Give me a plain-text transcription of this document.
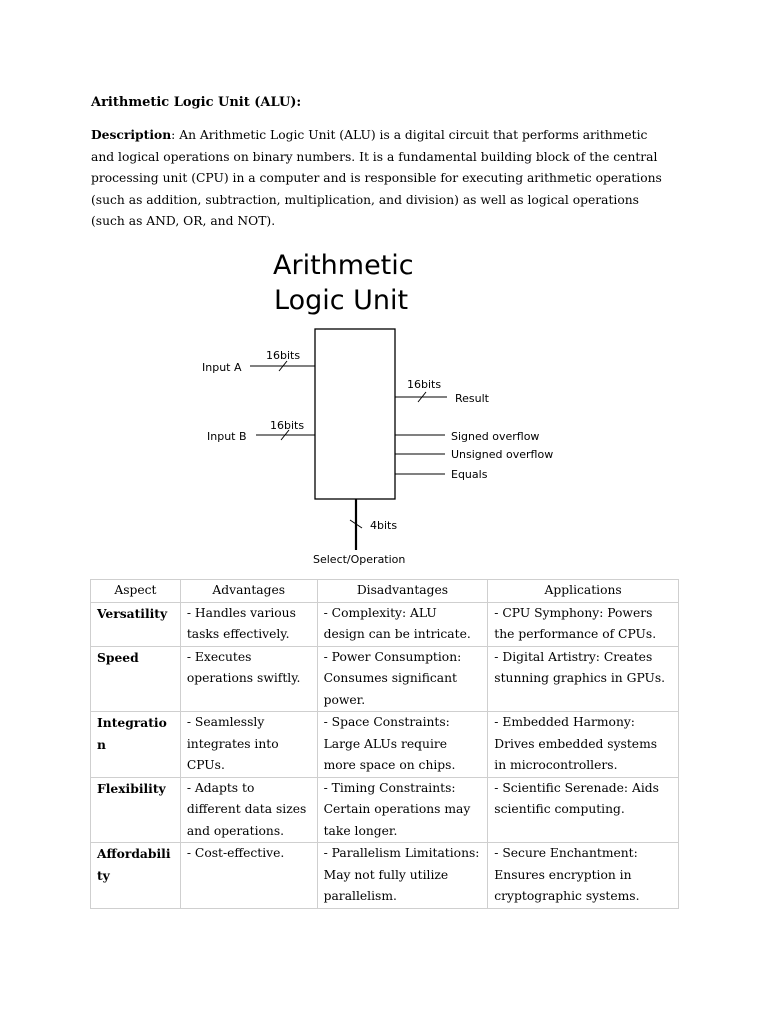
Arithmetic Logic Unit (ALU):
Description: An Arithmetic Logic Unit (ALU) is a digital circuit that performs arithmetic
and logical operations on binary numbers. It is a fundamental building block of the central
processing unit (CPU) in a computer and is responsible for executing arithmetic operations
(such as addition, subtraction, multiplication, and division) as well as logical operations
(such as AND, OR, and NOT).
Arithmetic
Logic Unit
Input A
16bits
Input B
16bits
16bits
Result
Signed overflow
Unsigned overflow
Equals
4bits
Select/Operation
Aspect	Advantages	Disadvantages	Applications
Versatility	- Handles various tasks effectively.	- Complexity: ALU design can be intricate.	- CPU Symphony: Powers the performance of CPUs.
Speed	- Executes operations swiftly.	- Power Consumption: Consumes significant power.	- Digital Artistry: Creates stunning graphics in GPUs.
Integration	- Seamlessly integrates into CPUs.	- Space Constraints: Large ALUs require more space on chips.	- Embedded Harmony: Drives embedded systems in microcontrollers.
Flexibility	- Adapts to different data sizes and operations.	- Timing Constraints: Certain operations may take longer.	- Scientific Serenade: Aids scientific computing.
Affordability	- Cost-effective.	- Parallelism Limitations: May not fully utilize parallelism.	- Secure Enchantment: Ensures encryption in cryptographic systems.
